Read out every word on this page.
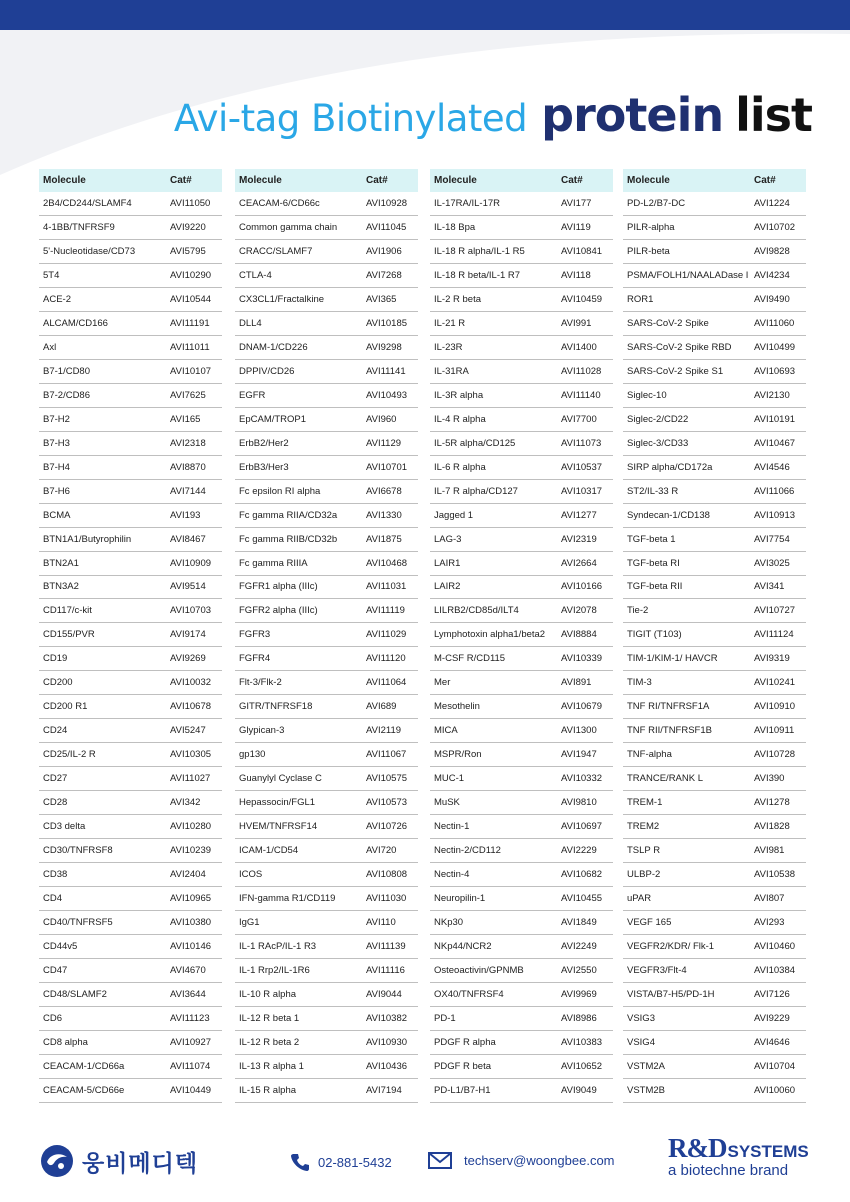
Avi-tag Biotinylated protein list
Molecule	Cat#
2B4/CD244/SLAMF4	AVI11050
4-1BB/TNFRSF9	AVI9220
5'-Nucleotidase/CD73	AVI5795
5T4	AVI10290
ACE-2	AVI10544
ALCAM/CD166	AVI11191
Axl	AVI11011
B7-1/CD80	AVI10107
B7-2/CD86	AVI7625
B7-H2	AVI165
B7-H3	AVI2318
B7-H4	AVI8870
B7-H6	AVI7144
BCMA	AVI193
BTN1A1/Butyrophilin	AVI8467
BTN2A1	AVI10909
BTN3A2	AVI9514
CD117/c-kit	AVI10703
CD155/PVR	AVI9174
CD19	AVI9269
CD200	AVI10032
CD200 R1	AVI10678
CD24	AVI5247
CD25/IL-2 R	AVI10305
CD27	AVI11027
CD28	AVI342
CD3 delta	AVI10280
CD30/TNFRSF8	AVI10239
CD38	AVI2404
CD4	AVI10965
CD40/TNFRSF5	AVI10380
CD44v5	AVI10146
CD47	AVI4670
CD48/SLAMF2	AVI3644
CD6	AVI11123
CD8 alpha	AVI10927
CEACAM-1/CD66a	AVI11074
CEACAM-5/CD66e	AVI10449
Molecule	Cat#
CEACAM-6/CD66c	AVI10928
Common gamma chain	AVI11045
CRACC/SLAMF7	AVI1906
CTLA-4	AVI7268
CX3CL1/Fractalkine	AVI365
DLL4	AVI10185
DNAM-1/CD226	AVI9298
DPPIV/CD26	AVI11141
EGFR	AVI10493
EpCAM/TROP1	AVI960
ErbB2/Her2	AVI1129
ErbB3/Her3	AVI10701
Fc epsilon RI alpha	AVI6678
Fc gamma RIIA/CD32a	AVI1330
Fc gamma RIIB/CD32b	AVI1875
Fc gamma RIIIA	AVI10468
FGFR1 alpha (IIIc)	AVI11031
FGFR2 alpha (IIIc)	AVI11119
FGFR3	AVI11029
FGFR4	AVI11120
Flt-3/Flk-2	AVI11064
GITR/TNFRSF18	AVI689
Glypican-3	AVI2119
gp130	AVI11067
Guanylyl Cyclase C	AVI10575
Hepassocin/FGL1	AVI10573
HVEM/TNFRSF14	AVI10726
ICAM-1/CD54	AVI720
ICOS	AVI10808
IFN-gamma R1/CD119	AVI11030
IgG1	AVI110
IL-1 RAcP/IL-1 R3	AVI11139
IL-1 Rrp2/IL-1R6	AVI11116
IL-10 R alpha	AVI9044
IL-12 R beta 1	AVI10382
IL-12 R beta 2	AVI10930
IL-13 R alpha 1	AVI10436
IL-15 R alpha	AVI7194
Molecule	Cat#
IL-17RA/IL-17R	AVI177
IL-18 Bpa	AVI119
IL-18 R alpha/IL-1 R5	AVI10841
IL-18 R beta/IL-1 R7	AVI118
IL-2 R beta	AVI10459
IL-21 R	AVI991
IL-23R	AVI1400
IL-31RA	AVI11028
IL-3R alpha	AVI11140
IL-4 R alpha	AVI7700
IL-5R alpha/CD125	AVI11073
IL-6 R alpha	AVI10537
IL-7 R alpha/CD127	AVI10317
Jagged 1	AVI1277
LAG-3	AVI2319
LAIR1	AVI2664
LAIR2	AVI10166
LILRB2/CD85d/ILT4	AVI2078
Lymphotoxin alpha1/beta2	AVI8884
M-CSF R/CD115	AVI10339
Mer	AVI891
Mesothelin	AVI10679
MICA	AVI1300
MSPR/Ron	AVI1947
MUC-1	AVI10332
MuSK	AVI9810
Nectin-1	AVI10697
Nectin-2/CD112	AVI2229
Nectin-4	AVI10682
Neuropilin-1	AVI10455
NKp30	AVI1849
NKp44/NCR2	AVI2249
Osteoactivin/GPNMB	AVI2550
OX40/TNFRSF4	AVI9969
PD-1	AVI8986
PDGF R alpha	AVI10383
PDGF R beta	AVI10652
PD-L1/B7-H1	AVI9049
Molecule	Cat#
PD-L2/B7-DC	AVI1224
PILR-alpha	AVI10702
PILR-beta	AVI9828
PSMA/FOLH1/NAALADase I AVI4234
ROR1	AVI9490
SARS-CoV-2 Spike	AVI11060
SARS-CoV-2 Spike RBD	AVI10499
SARS-CoV-2 Spike S1	AVI10693
Siglec-10	AVI2130
Siglec-2/CD22	AVI10191
Siglec-3/CD33	AVI10467
SIRP alpha/CD172a	AVI4546
ST2/IL-33 R	AVI11066
Syndecan-1/CD138	AVI10913
TGF-beta 1	AVI7754
TGF-beta RI	AVI3025
TGF-beta RII	AVI341
Tie-2	AVI10727
TIGIT (T103)	AVI11124
TIM-1/KIM-1/ HAVCR	AVI9319
TIM-3	AVI10241
TNF RI/TNFRSF1A	AVI10910
TNF RII/TNFRSF1B	AVI10911
TNF-alpha	AVI10728
TRANCE/RANK L	AVI390
TREM-1	AVI1278
TREM2	AVI1828
TSLP R	AVI981
ULBP-2	AVI10538
uPAR	AVI807
VEGF 165	AVI293
VEGFR2/KDR/ Flk-1	AVI10460
VEGFR3/Flt-4	AVI10384
VISTA/B7-H5/PD-1H	AVI7126
VSIG3	AVI9229
VSIG4	AVI4646
VSTM2A	AVI10704
VSTM2B	AVI10060
웅비메디텍	02-881-5432	techserv@woongbee.com R&DSYSTEMS
a biotechne brand
